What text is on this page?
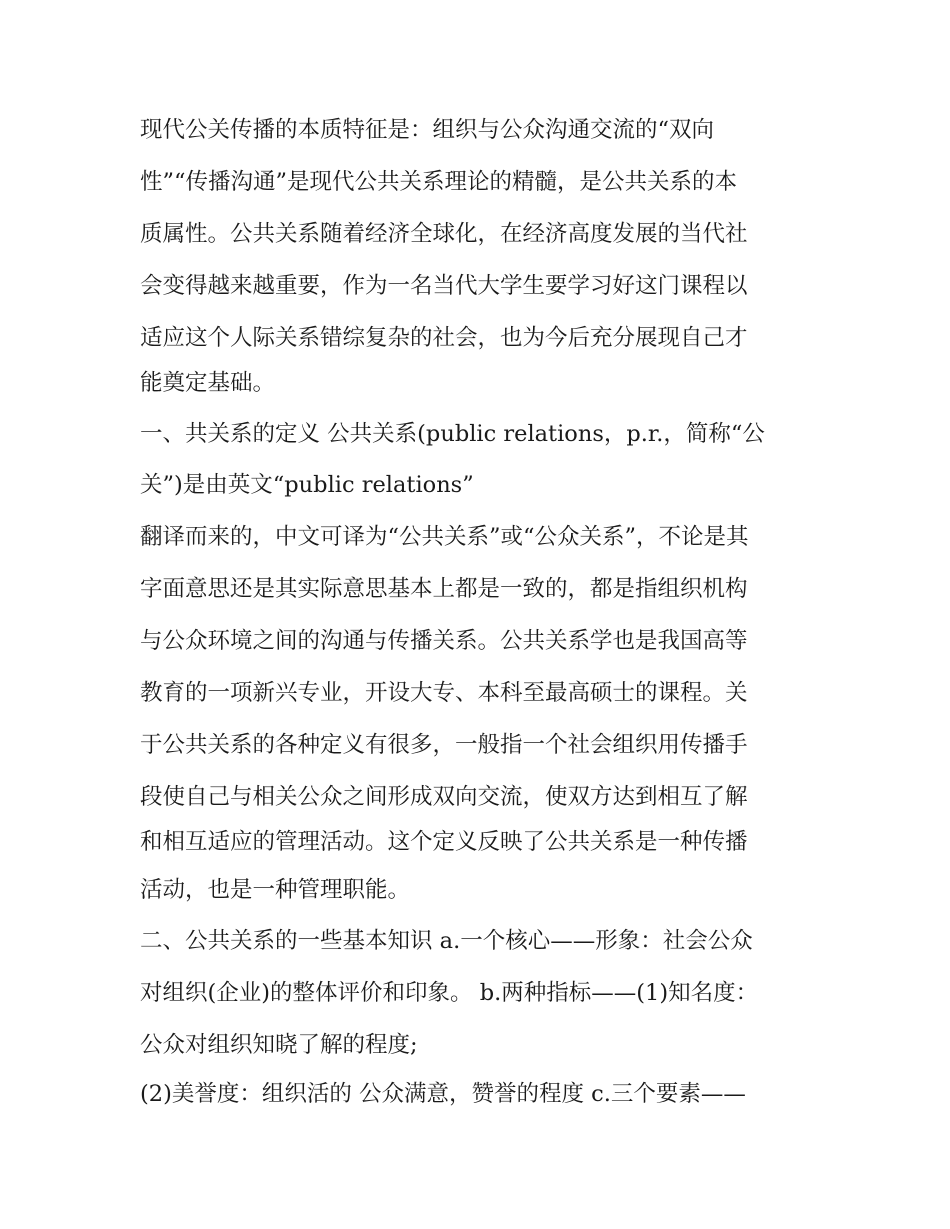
现代公关传播的本质特征是：组织与公众沟通交流的“双向
性”“传播沟通”是现代公共关系理论的精髓，是公共关系的本
质属性。公共关系随着经济全球化，在经济高度发展的当代社
会变得越来越重要，作为一名当代大学生要学习好这门课程以
适应这个人际关系错综复杂的社会，也为今后充分展现自己才
能奠定基础。
一、共关系的定义 公共关系(public relations，p.r.，简称“公
关”)是由英文“public relations”
翻译而来的，中文可译为“公共关系”或“公众关系”，不论是其
字面意思还是其实际意思基本上都是一致的，都是指组织机构
与公众环境之间的沟通与传播关系。公共关系学也是我国高等
教育的一项新兴专业，开设大专、本科至最高硕士的课程。关
于公共关系的各种定义有很多，一般指一个社会组织用传播手
段使自己与相关公众之间形成双向交流，使双方达到相互了解
和相互适应的管理活动。这个定义反映了公共关系是一种传播
活动，也是一种管理职能。
二、公共关系的一些基本知识 a.一个核心——形象：社会公众
对组织(企业)的整体评价和印象。 b.两种指标——(1)知名度：
公众对组织知晓了解的程度;
(2)美誉度：组织活的 公众满意，赞誉的程度 c.三个要素——
